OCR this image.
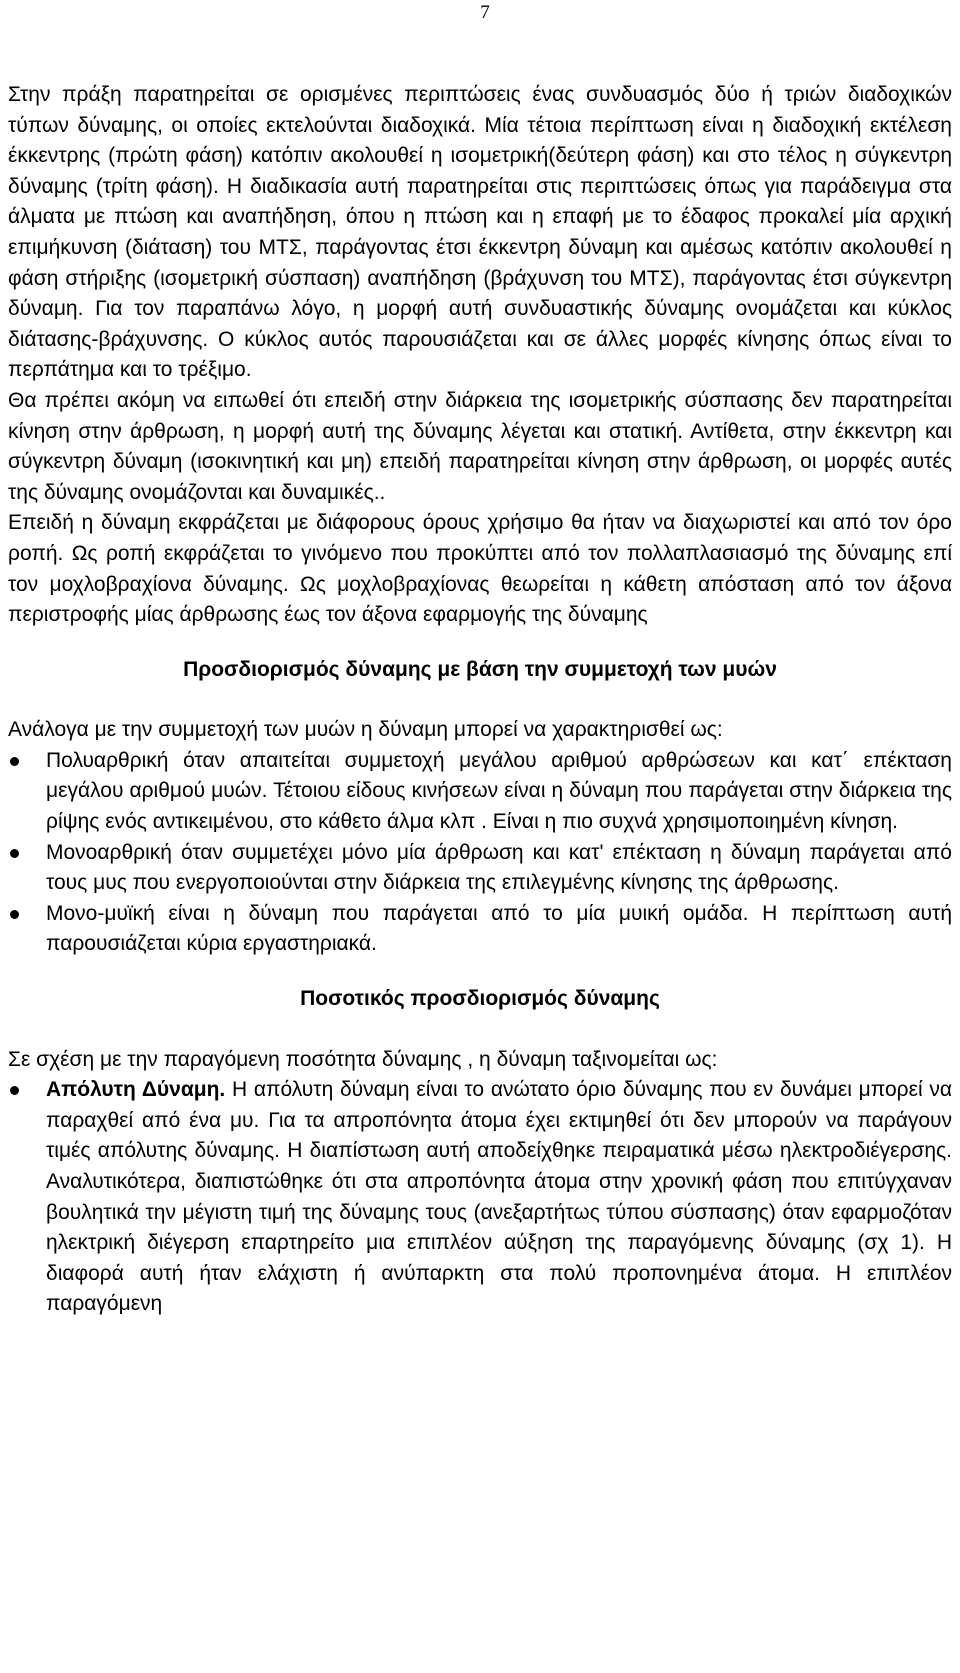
7

Στην πράξη παρατηρείται σε ορισμένες περιπτώσεις ένας συνδυασμός δύο ή τριών διαδοχικών τύπων δύναμης, οι οποίες εκτελούνται διαδοχικά. Μία τέτοια περίπτωση είναι η διαδοχική εκτέλεση έκκεντρης (πρώτη φάση) κατόπιν ακολουθεί η ισομετρική(δεύτερη φάση) και στο τέλος η σύγκεντρη δύναμης (τρίτη φάση). Η διαδικασία αυτή παρατηρείται στις περιπτώσεις όπως για παράδειγμα στα άλματα με πτώση και αναπήδηση, όπου η πτώση και η επαφή με το έδαφος προκαλεί μία αρχική επιμήκυνση (διάταση) του ΜΤΣ, παράγοντας έτσι έκκεντρη δύναμη και αμέσως κατόπιν ακολουθεί η φάση στήριξης (ισομετρική σύσπαση) αναπήδηση (βράχυνση του ΜΤΣ), παράγοντας έτσι σύγκεντρη δύναμη. Για τον παραπάνω λόγο, η μορφή αυτή συνδυαστικής δύναμης ονομάζεται και κύκλος διάτασης-βράχυνσης. Ο κύκλος αυτός παρουσιάζεται και σε άλλες μορφές κίνησης όπως είναι το περπάτημα και το τρέξιμο.

Θα πρέπει ακόμη να ειπωθεί ότι επειδή στην διάρκεια της ισομετρικής σύσπασης δεν παρατηρείται κίνηση στην άρθρωση, η μορφή αυτή της δύναμης λέγεται και στατική. Αντίθετα, στην έκκεντρη και σύγκεντρη δύναμη (ισοκινητική και μη) επειδή παρατηρείται κίνηση στην άρθρωση, οι μορφές αυτές της δύναμης ονομάζονται και δυναμικές..

Επειδή η δύναμη εκφράζεται με διάφορους όρους χρήσιμο θα ήταν να διαχωριστεί και από τον όρο ροπή. Ως ροπή εκφράζεται το γινόμενο που προκύπτει από τον πολλαπλασιασμό της δύναμης επί τον μοχλοβραχίονα δύναμης. Ως μοχλοβραχίονας θεωρείται η κάθετη απόσταση από τον άξονα περιστροφής μίας άρθρωσης έως τον άξονα εφαρμογής της δύναμης

Προσδιορισμός δύναμης με βάση την συμμετοχή των μυών

Ανάλογα με την συμμετοχή των μυών η δύναμη μπορεί να χαρακτηρισθεί ως:

Πολυαρθρική όταν απαιτείται συμμετοχή μεγάλου αριθμού αρθρώσεων και κατ΄ επέκταση μεγάλου αριθμού μυών. Τέτοιου είδους κινήσεων είναι η δύναμη που παράγεται στην διάρκεια της ρίψης ενός αντικειμένου, στο κάθετο άλμα κλπ . Είναι η πιο συχνά χρησιμοποιημένη κίνηση.
Μονοαρθρική όταν συμμετέχει μόνο μία άρθρωση και κατ' επέκταση η δύναμη παράγεται από τους μυς που ενεργοποιούνται στην διάρκεια της επιλεγμένης κίνησης της άρθρωσης.
Μονο-μυϊκή είναι η δύναμη που παράγεται από το μία μυική ομάδα. Η περίπτωση αυτή παρουσιάζεται κύρια εργαστηριακά.
Ποσοτικός προσδιορισμός δύναμης

Σε σχέση με την παραγόμενη ποσότητα δύναμης , η δύναμη ταξινομείται ως:

Απόλυτη Δύναμη. Η απόλυτη δύναμη είναι το ανώτατο όριο δύναμης που εν δυνάμει μπορεί να παραχθεί από ένα μυ. Για τα απροπόνητα άτομα έχει εκτιμηθεί ότι δεν μπορούν να παράγουν τιμές απόλυτης δύναμης. Η διαπίστωση αυτή αποδείχθηκε πειραματικά μέσω ηλεκτροδιέγερσης. Αναλυτικότερα, διαπιστώθηκε ότι στα απροπόνητα άτομα στην χρονική φάση που επιτύγχαναν βουλητικά την μέγιστη τιμή της δύναμης τους (ανεξαρτήτως τύπου σύσπασης) όταν εφαρμοζόταν ηλεκτρική διέγερση επαρτηρείτο μια επιπλέον αύξηση της παραγόμενης δύναμης (σχ 1). Η διαφορά αυτή ήταν ελάχιστη ή ανύπαρκτη στα πολύ προπονημένα άτομα. Η επιπλέον παραγόμενη
